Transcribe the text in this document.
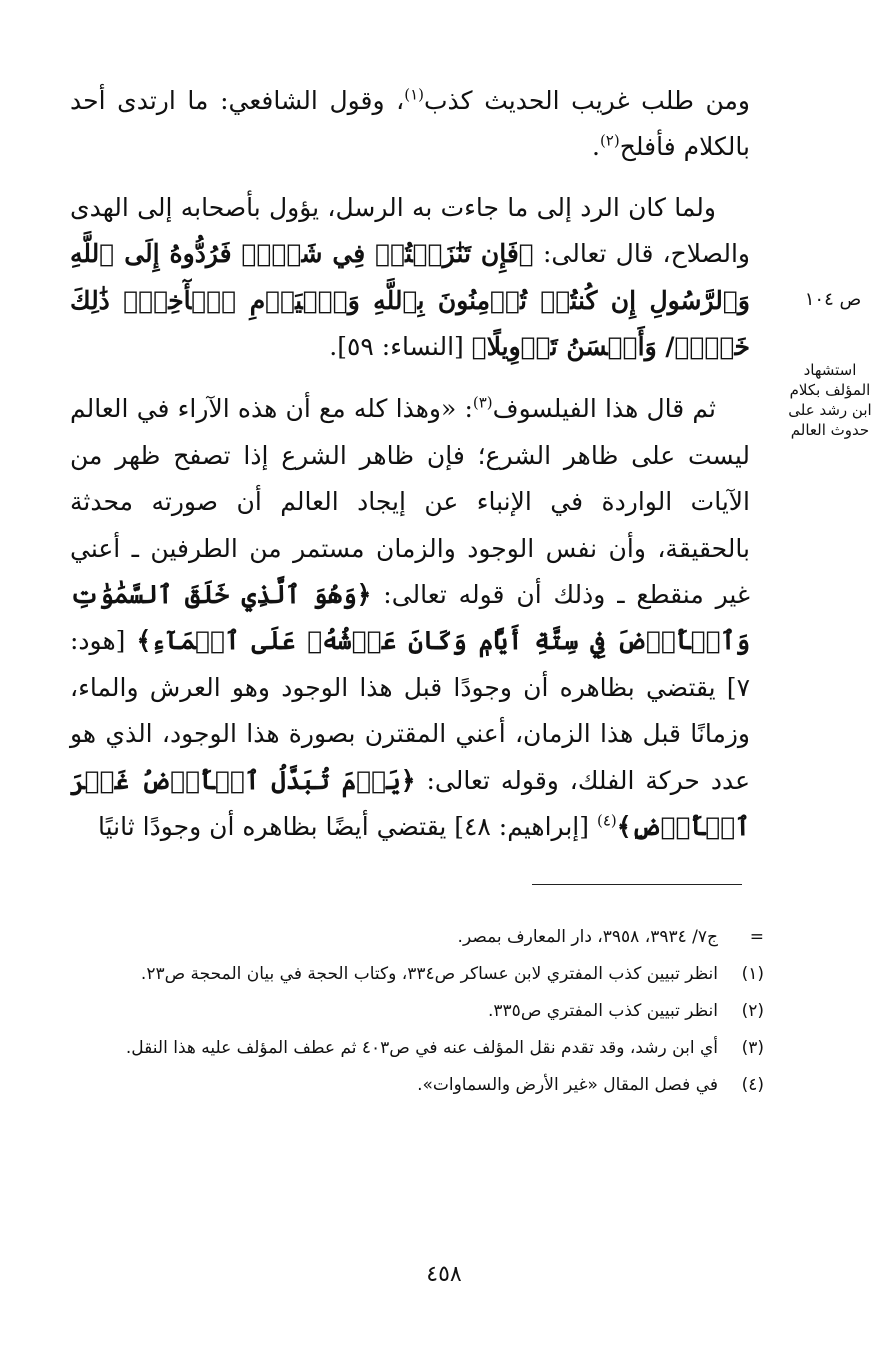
ومن طلب غريب الحديث كذب$^{(١)}$، وقول الشافعي: ما ارتدى أحد بالكلام فأفلح$^{(٢)}$.

ولما كان الرد إلى ما جاءت به الرسل، يؤول بأصحابه إلى الهدى والصلاح، قال تعالى: ﴿فَإِن تَنَٰزَعۡتُمۡ فِي شَيۡءٖ فَرُدُّوهُ إِلَى ٱللَّهِ وَٱلرَّسُولِ إِن كُنتُمۡ تُؤۡمِنُونَ بِٱللَّهِ وَٱلۡيَوۡمِ ٱلۡأٓخِرِۚ ذَٰلِكَ خَيۡرٞ/ وَأَحۡسَنُ تَأۡوِيلًا﴾ [النساء: ٥٩].

ثم قال هذا الفيلسوف$^{(٣)}$: «وهذا كله مع أن هذه الآراء في العالم ليست على ظاهر الشرع؛ فإن ظاهر الشرع إذا تصفح ظهر من الآيات الواردة في الإنباء عن إيجاد العالم أن صورته محدثة بالحقيقة، وأن نفس الوجود والزمان مستمر من الطرفين ـ أعني غير منقطع ـ وذلك أن قوله تعالى: ﴿وَهُوَ ٱلَّذِي خَلَقَ ٱلسَّمَٰوَٰتِ وَٱلۡأَرۡضَ فِي سِتَّةِ أَيَّامٖ وَكَانَ عَرۡشُهُۥ عَلَى ٱلۡمَآءِ﴾ [هود: ٧] يقتضي بظاهره أن وجودًا قبل هذا الوجود وهو العرش والماء، وزمانًا قبل هذا الزمان، أعني المقترن بصورة هذا الوجود، الذي هو عدد حركة الفلك، وقوله تعالى: ﴿يَوۡمَ تُبَدَّلُ ٱلۡأَرۡضُ غَيۡرَ ٱلۡأَرۡضِ﴾$^{(٤)}$ [إبراهيم: ٤٨] يقتضي أيضًا بظاهره أن وجودًا ثانيًا

ص ١٠٤
استشهاد المؤلف بكلام ابن رشد على حدوث العالم
=
ج٧/ ٣٩٣٤، ٣٩٥٨، دار المعارف بمصر.
(١)
انظر تبيين كذب المفتري لابن عساكر ص٣٣٤، وكتاب الحجة في بيان المحجة ص٢٣.
(٢)
انظر تبيين كذب المفتري ص٣٣٥.
(٣)
أي ابن رشد، وقد تقدم نقل المؤلف عنه في ص٤٠٣ ثم عطف المؤلف عليه هذا النقل.
(٤)
في فصل المقال «غير الأرض والسماوات».
٤٥٨
